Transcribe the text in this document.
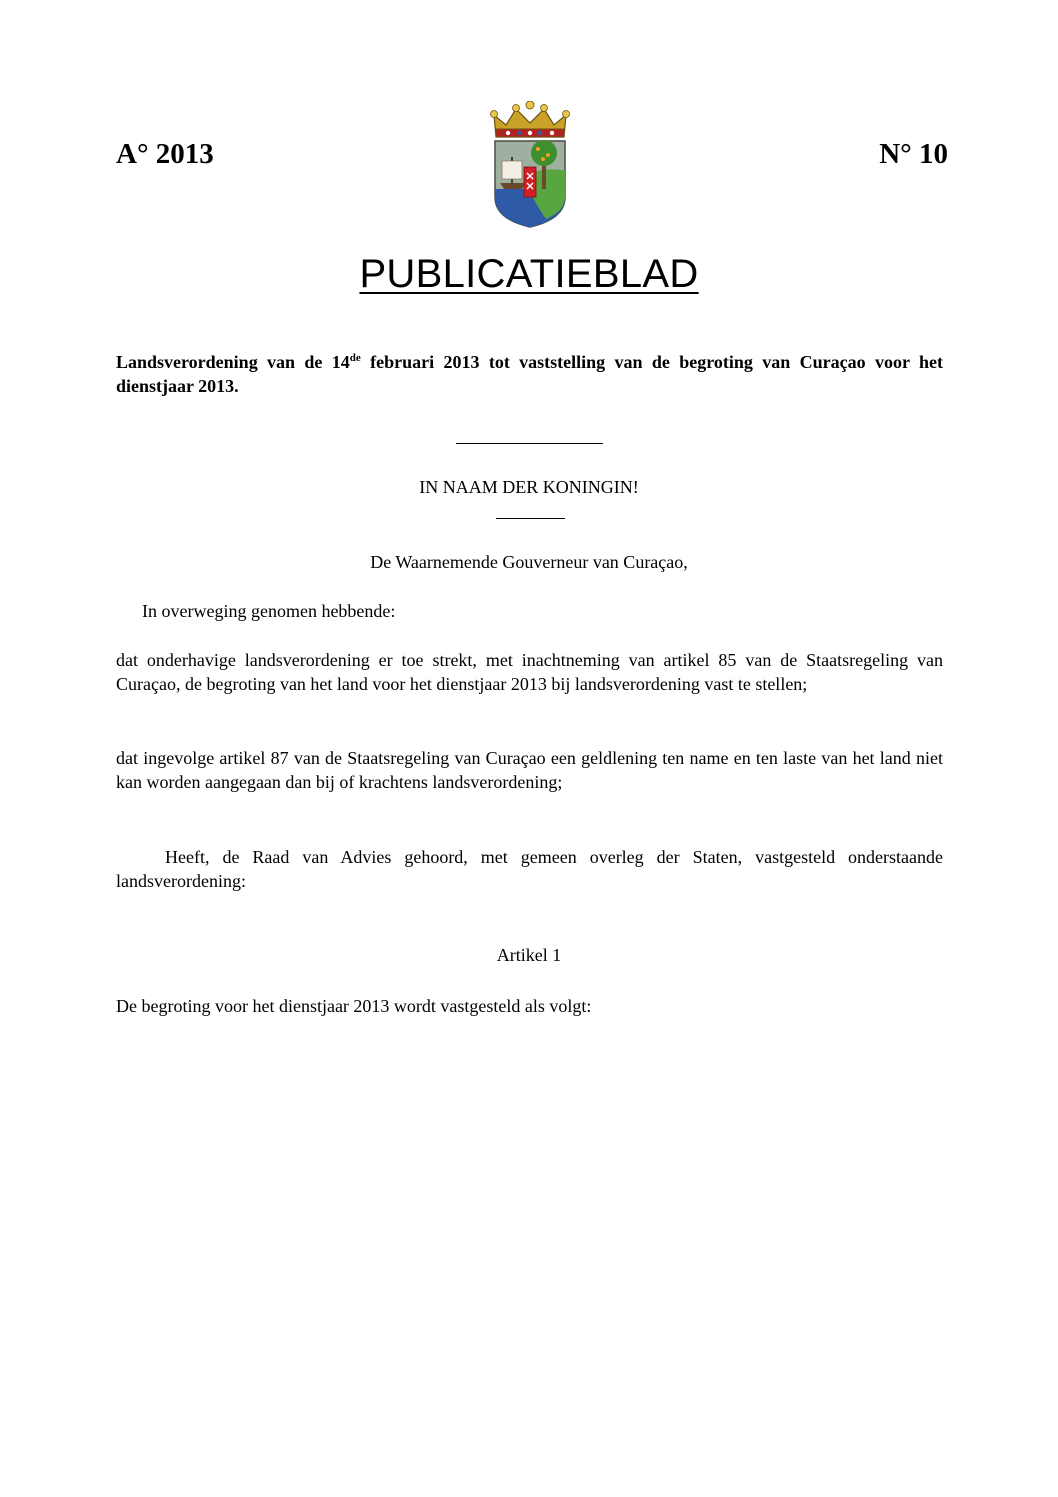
A° 2013	N° 10
PUBLICATIEBLAD
Landsverordening van de 14de februari 2013 tot vaststelling van de begroting van Curaçao voor het dienstjaar 2013.
IN NAAM DER KONINGIN!
De Waarnemende Gouverneur van Curaçao,
In overweging genomen hebbende:
dat onderhavige landsverordening er toe strekt, met inachtneming van artikel 85 van de Staatsregeling van Curaçao, de begroting van het land voor het dienstjaar 2013 bij landsverordening vast te stellen;
dat ingevolge artikel 87 van de Staatsregeling van Curaçao een geldlening ten name en ten laste van het land niet kan worden aangegaan dan bij of krachtens landsverordening;
Heeft, de Raad van Advies gehoord, met gemeen overleg der Staten, vastgesteld onderstaande landsverordening:
Artikel 1
De begroting voor het dienstjaar 2013 wordt vastgesteld als volgt:
